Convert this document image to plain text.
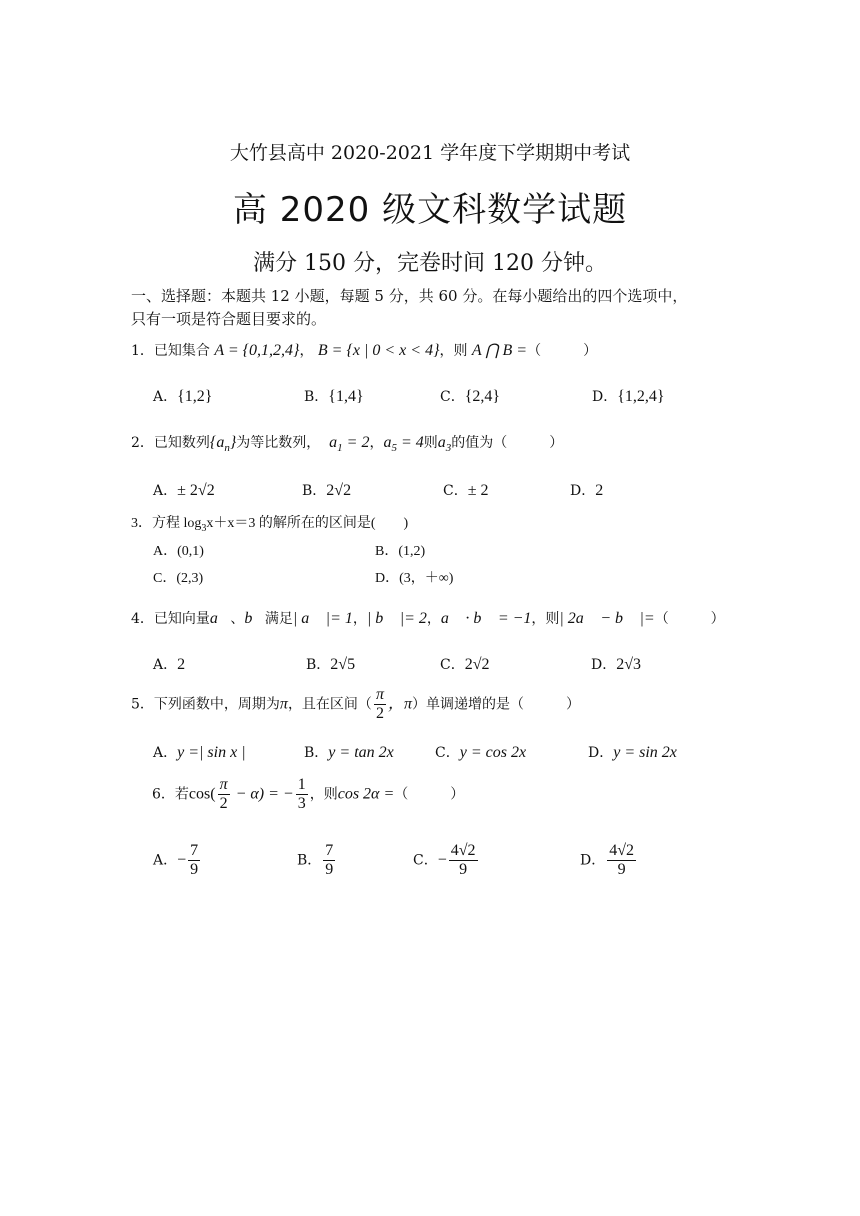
大竹县高中 2020-2021 学年度下学期期中考试
高 2020 级文科数学试题
满分 150 分，完卷时间 120 分钟。
一、选择题：本题共 12 小题，每题 5 分，共 60 分。在每小题给出的四个选项中，
只有一项是符合题目要求的。
1．已知集合 A = {0,1,2,4}， B = {x | 0 < x < 4}，则 A ⋂ B =（　　　）
A．{1,2}	B．{1,4}	C．{2,4}	D．{1,2,4}
2．已知数列$\{a_n\}$为等比数列， $a_1 = 2$，$a_5 = 4$则$a_3$的值为（　　　）
A．± 2√2	B．2√2	C．± 2	D．2
3．方程 $\log_3x+x=3$ 的解所在的区间是(　　)
A．(0,1)	B．(1,2)
C．(2,3)	D．(3，＋∞)
4．已知向量a⃗、b⃗满足| a⃗ |= 1，| b⃗ |= 2，a⃗ · b⃗ = −1，则| 2a⃗ − b⃗ |=（　　　）
A．2	B．2√5	C．2√2	D．2√3
5．下列函数中，周期为π，且在区间（ $\frac{\pi}{2}$ ，π）单调递增的是（　　　）
A．y =| sin x |	B．y = tan 2x	C．y = cos 2x	D．y = sin 2x
6．若$\cos( \frac{\pi}{2} - \alpha)$ = − $\frac{1}{3}$ ，则cos 2α =（　　　）
A．− $\frac{7}{9}$	B． $\frac{7}{9}$	C．− $\frac{4√2}{9}$	D． $\frac{4√2}{9}$
